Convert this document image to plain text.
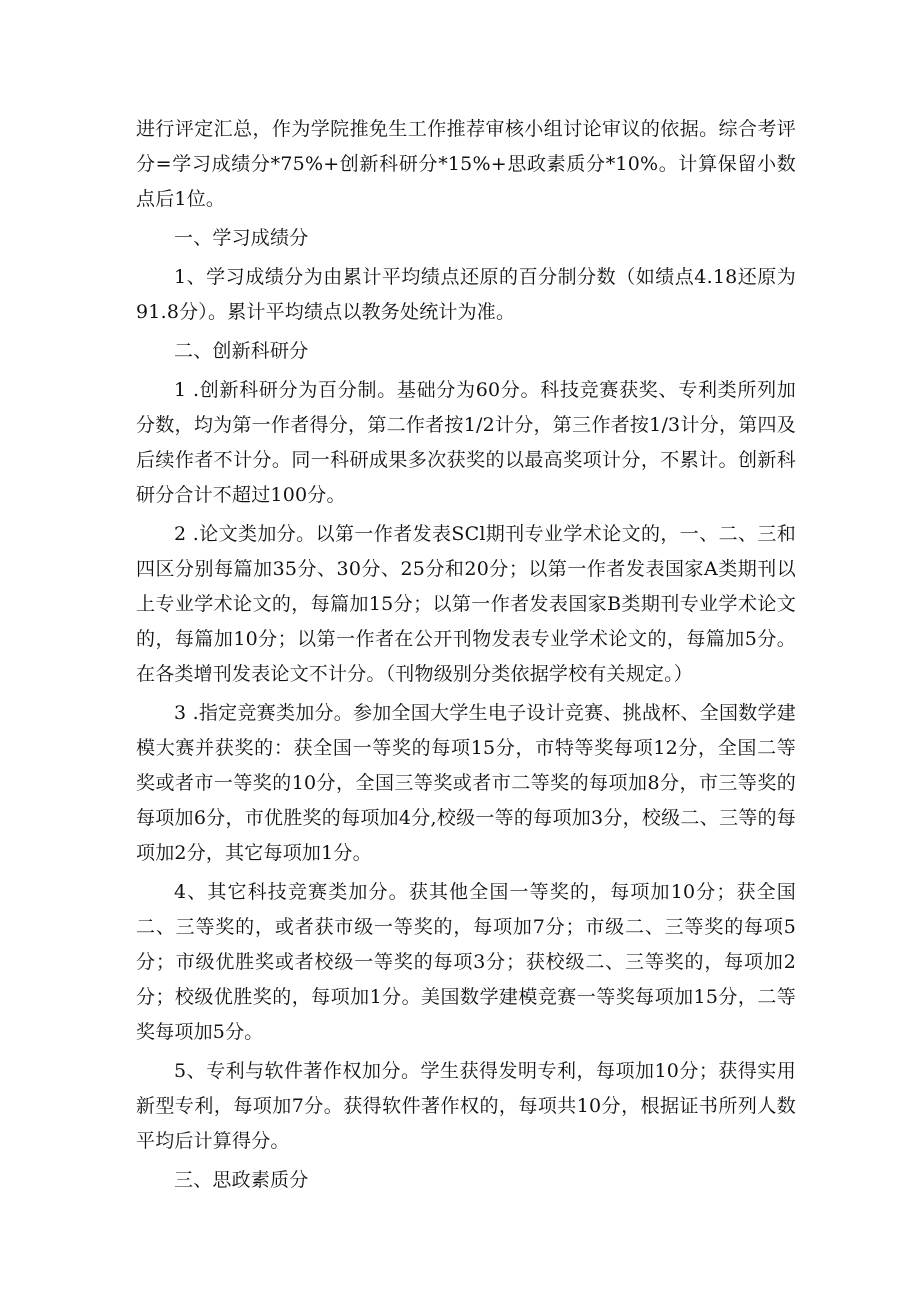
进行评定汇总，作为学院推免生工作推荐审核小组讨论审议的依据。综合考评分=学习成绩分*75%+创新科研分*15%+思政素质分*10%。计算保留小数点后1位。

一、学习成绩分

1、学习成绩分为由累计平均绩点还原的百分制分数（如绩点4.18还原为91.8分）。累计平均绩点以教务处统计为准。

二、创新科研分

1 .创新科研分为百分制。基础分为60分。科技竞赛获奖、专利类所列加分数，均为第一作者得分，第二作者按1/2计分，第三作者按1/3计分，第四及后续作者不计分。同一科研成果多次获奖的以最高奖项计分，不累计。创新科研分合计不超过100分。

2 .论文类加分。以第一作者发表SCl期刊专业学术论文的，一、二、三和四区分别每篇加35分、30分、25分和20分；以第一作者发表国家A类期刊以上专业学术论文的，每篇加15分；以第一作者发表国家B类期刊专业学术论文的，每篇加10分；以第一作者在公开刊物发表专业学术论文的，每篇加5分。在各类增刊发表论文不计分。（刊物级别分类依据学校有关规定。）

3 .指定竞赛类加分。参加全国大学生电子设计竞赛、挑战杯、全国数学建模大赛并获奖的：获全国一等奖的每项15分，市特等奖每项12分，全国二等奖或者市一等奖的10分，全国三等奖或者市二等奖的每项加8分，市三等奖的每项加6分，市优胜奖的每项加4分,校级一等的每项加3分，校级二、三等的每项加2分，其它每项加1分。

4、其它科技竞赛类加分。获其他全国一等奖的，每项加10分；获全国二、三等奖的，或者获市级一等奖的，每项加7分；市级二、三等奖的每项5分；市级优胜奖或者校级一等奖的每项3分；获校级二、三等奖的，每项加2分；校级优胜奖的，每项加1分。美国数学建模竞赛一等奖每项加15分，二等奖每项加5分。

5、专利与软件著作权加分。学生获得发明专利，每项加10分；获得实用新型专利，每项加7分。获得软件著作权的，每项共10分，根据证书所列人数平均后计算得分。

三、思政素质分
